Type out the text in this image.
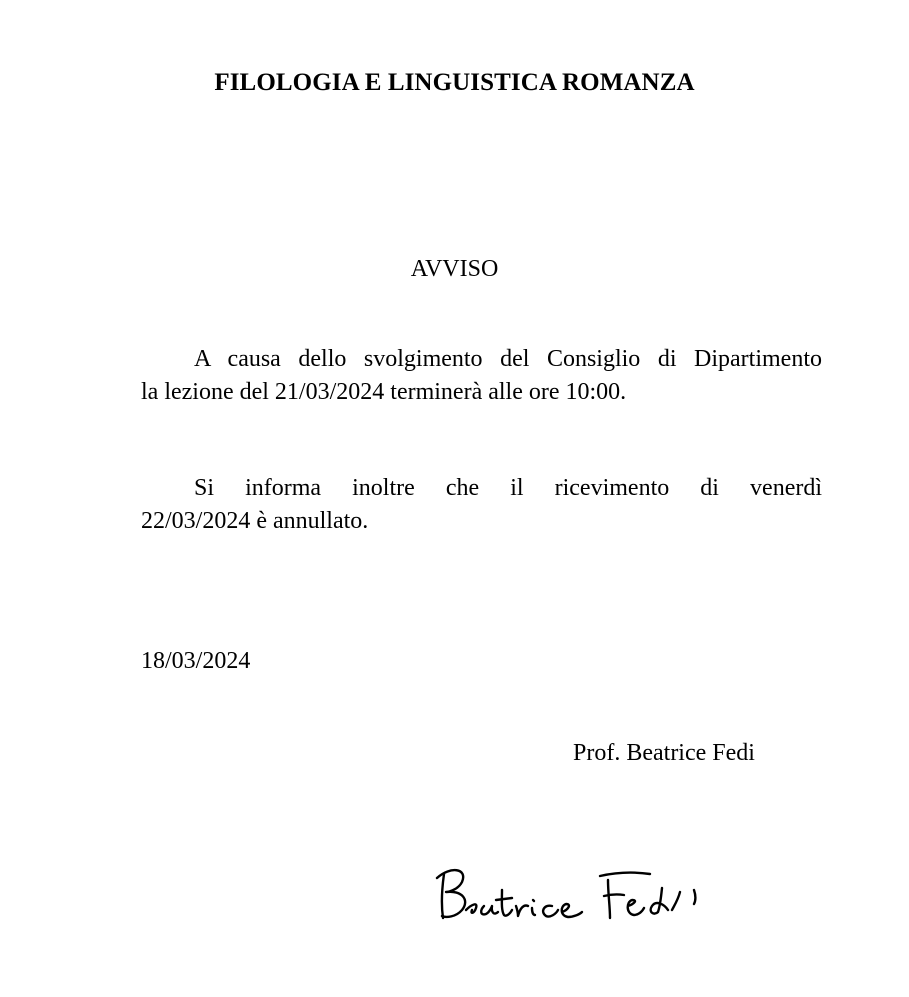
FILOLOGIA E LINGUISTICA ROMANZA
AVVISO
A causa dello svolgimento del Consiglio di Dipartimento
la lezione del 21/03/2024 terminerà alle ore 10:00.
Si informa inoltre che il ricevimento di venerdì
22/03/2024 è annullato.
18/03/2024
Prof. Beatrice Fedi
